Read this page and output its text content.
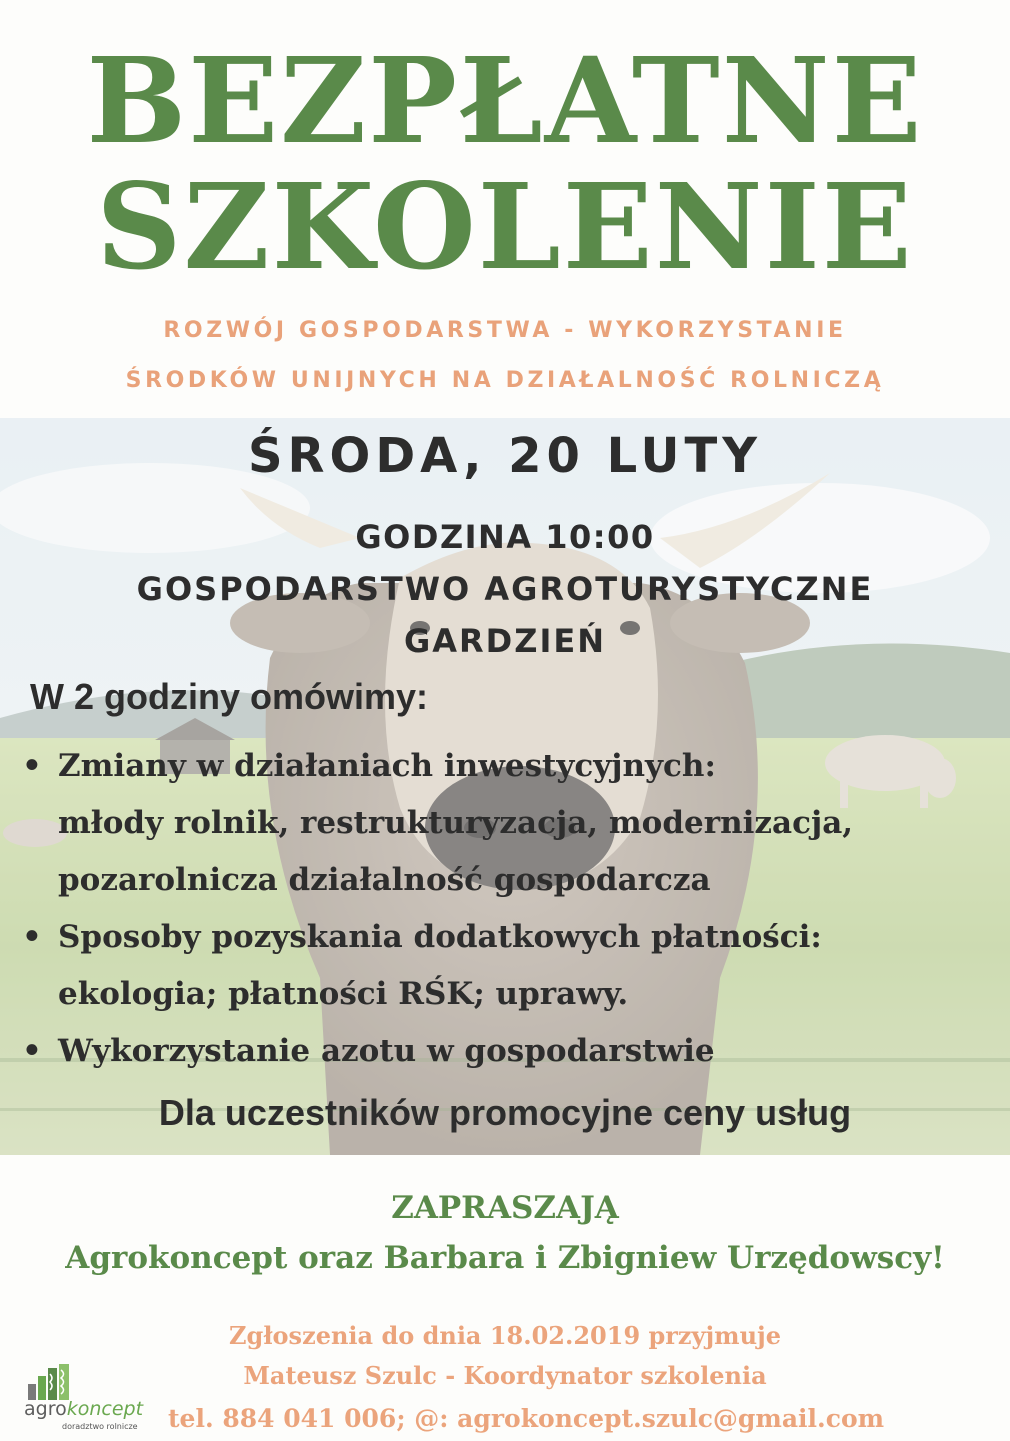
BEZPŁATNE
SZKOLENIE
ROZWÓJ GOSPODARSTWA - WYKORZYSTANIE
ŚRODKÓW UNIJNYCH NA DZIAŁALNOŚĆ ROLNICZĄ
ŚRODA, 20 LUTY
GODZINA 10:00
GOSPODARSTWO AGROTURYSTYCZNE
GARDZIEŃ
W 2 godziny omówimy:
• Zmiany w działaniach inwestycyjnych:
młody rolnik, restrukturyzacja, modernizacja,
pozarolnicza działalność gospodarcza
• Sposoby pozyskania dodatkowych płatności:
ekologia; płatności RŚK; uprawy.
• Wykorzystanie azotu w gospodarstwie
Dla uczestników promocyjne ceny usług
ZAPRASZAJĄ
Agrokoncept oraz Barbara i Zbigniew Urzędowscy!
Zgłoszenia do dnia 18.02.2019 przyjmuje
Mateusz Szulc - Koordynator szkolenia
tel. 884 041 006; @: agrokoncept.szulc@gmail.com
agrokoncept
doradztwo rolnicze
